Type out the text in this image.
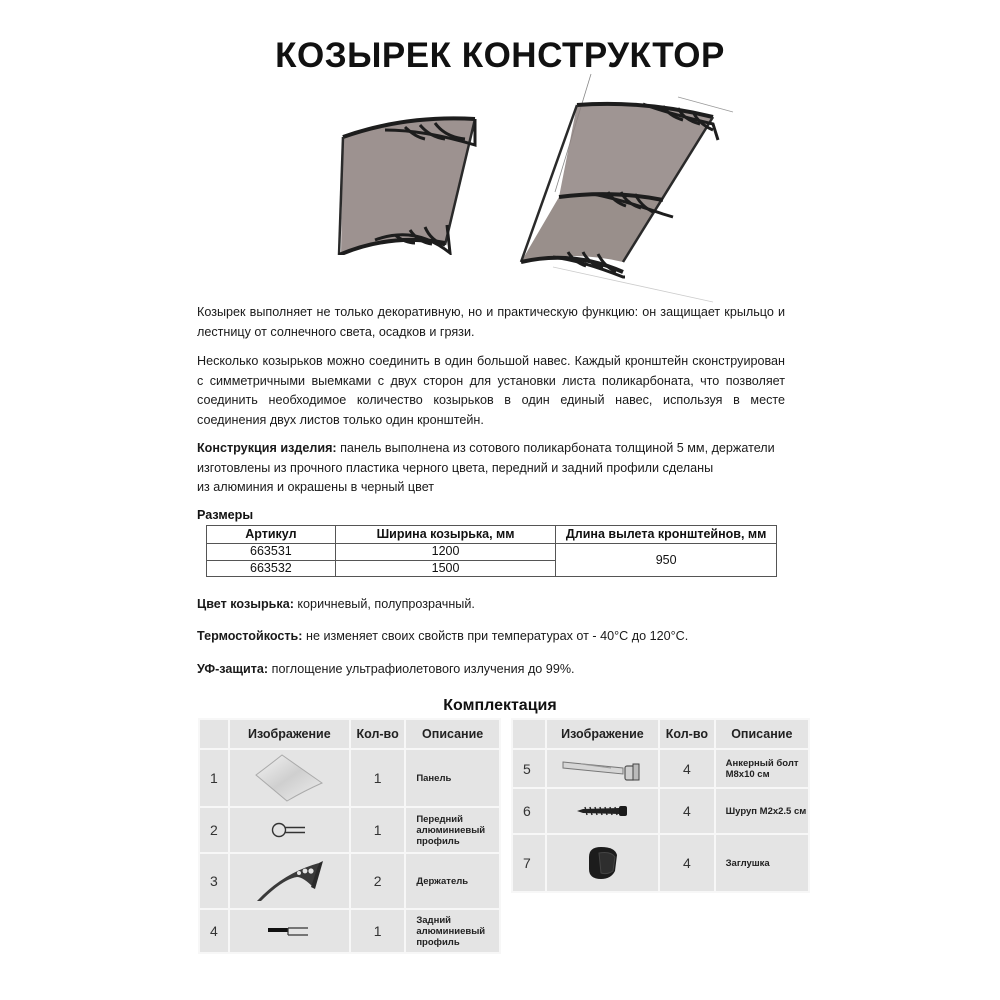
КОЗЫРЕК КОНСТРУКТОР
Козырек выполняет не только декоративную, но и практическую функцию: он защищает крыльцо и лестницу от солнечного света, осадков и грязи.
Несколько козырьков можно соединить в один большой навес. Каждый кронштейн сконструирован с симметричными выемками с двух сторон для установки листа поликарбоната, что позволяет соединить необходимое количество козырьков в один единый навес, используя в месте соединения двух листов только один кронштейн.
Конструкция изделия: панель выполнена из сотового поликарбоната толщиной 5 мм, держатели
изготовлены из прочного пластика черного цвета, передний и задний профили сделаны
из алюминия и окрашены в черный цвет
Размеры
Артикул	Ширина козырька, мм	Длина вылета кронштейнов, мм
663531	1200	950
663532	1500	
Цвет козырька: коричневый, полупрозрачный.
Термостойкость: не изменяет своих свойств при температурах от - 40°С до 120°С.
УФ-защита: поглощение ультрафиолетового излучения до 99%.
Комплектация
	Изображение	Кол-во	Описание
1		1	Панель
2		1	Передний алюминиевый профиль
3		2	Держатель
4		1	Задний алюминиевый профиль
	Изображение	Кол-во	Описание
5		4	Анкерный болт М8x10 см
6		4	Шуруп М2x2.5 см
7		4	Заглушка
